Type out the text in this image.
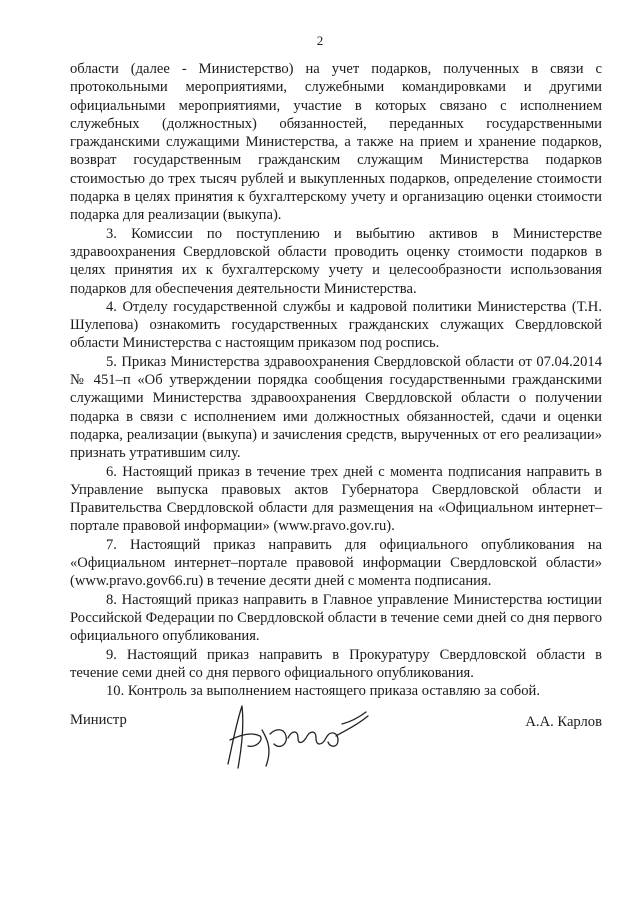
2

области (далее - Министерство) на учет подарков, полученных в связи с протокольными мероприятиями, служебными командировками и другими официальными мероприятиями, участие в которых связано с исполнением служебных (должностных) обязанностей, переданных государственными гражданскими служащими Министерства, а также на прием и хранение подарков, возврат государственным гражданским служащим Министерства подарков стоимостью до трех тысяч рублей и выкупленных подарков, определение стоимости подарка в целях принятия к бухгалтерскому учету и организацию оценки стоимости подарка для реализации (выкупа).

3. Комиссии по поступлению и выбытию активов в Министерстве здравоохранения Свердловской области проводить оценку стоимости подарков в целях принятия их к бухгалтерскому учету и целесообразности использования подарков для обеспечения деятельности Министерства.

4. Отделу государственной службы и кадровой политики Министерства (Т.Н. Шулепова) ознакомить государственных гражданских служащих Свердловской области Министерства с настоящим приказом под роспись.

5. Приказ Министерства здравоохранения Свердловской области от 07.04.2014 № 451–п «Об утверждении порядка сообщения государственными гражданскими служащими Министерства здравоохранения Свердловской области о получении подарка в связи с исполнением ими должностных обязанностей, сдачи и оценки подарка, реализации (выкупа) и зачисления средств, вырученных от его реализации» признать утратившим силу.

6. Настоящий приказ в течение трех дней с момента подписания направить в Управление выпуска правовых актов Губернатора Свердловской области и Правительства Свердловской области для размещения на «Официальном интернет–портале правовой информации» (www.pravo.gov.ru).

7. Настоящий приказ направить для официального опубликования на «Официальном интернет–портале правовой информации Свердловской области» (www.pravo.gov66.ru) в течение десяти дней с момента подписания.

8. Настоящий приказ направить в Главное управление Министерства юстиции Российской Федерации по Свердловской области в течение семи дней со дня первого официального опубликования.

9. Настоящий приказ направить в Прокуратуру Свердловской области в течение семи дней со дня первого официального опубликования.

10. Контроль за выполнением настоящего приказа оставляю за собой.

Министр	А.А. Карлов
